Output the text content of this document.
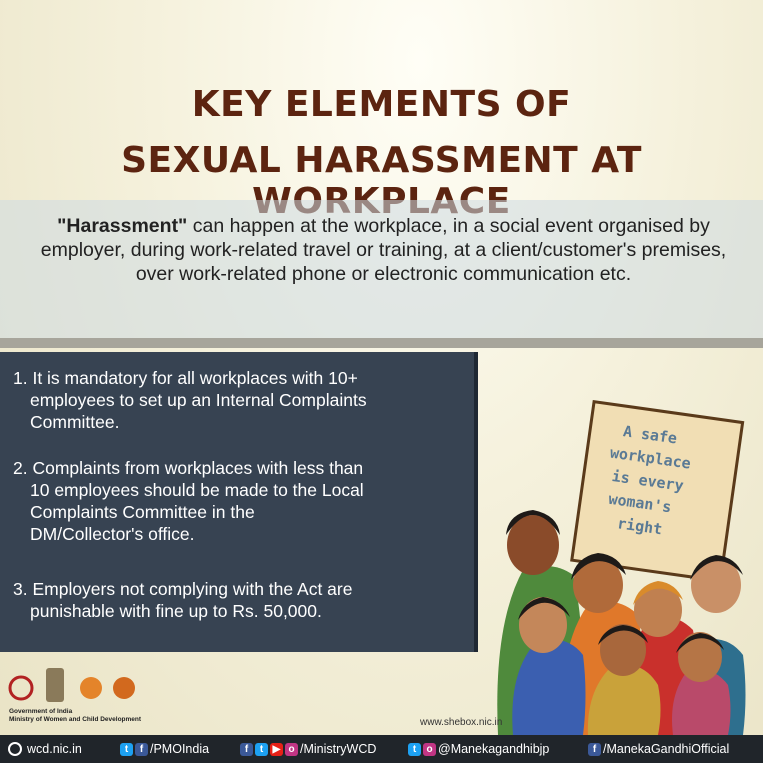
KEY ELEMENTS OF
SEXUAL HARASSMENT AT

"Harassment" can happen at the workplace, in a social event organised by employer, during work-related travel or training, at a client/customer's premises, over work-related phone or electronic communication etc.

1. It is mandatory for all workplaces with 10+
employees to set up an Internal Complaints
Committee.
2. Complaints from workplaces with less than
10 employees should be made to the Local
Complaints Committee in the
DM/Collector's office.
3. Employers not complying with the Act are
punishable with fine up to Rs. 50,000.
A safe
workplace
is every
woman's
right
Government of India
Ministry of Women and Child Development	www.shebox.nic.in
wcd.nic.in	t	f /PMOIndia	f	t ▶ o /MinistryWCD	t	o @Manekagandhibjp	f /ManekaGandhiOfficial
